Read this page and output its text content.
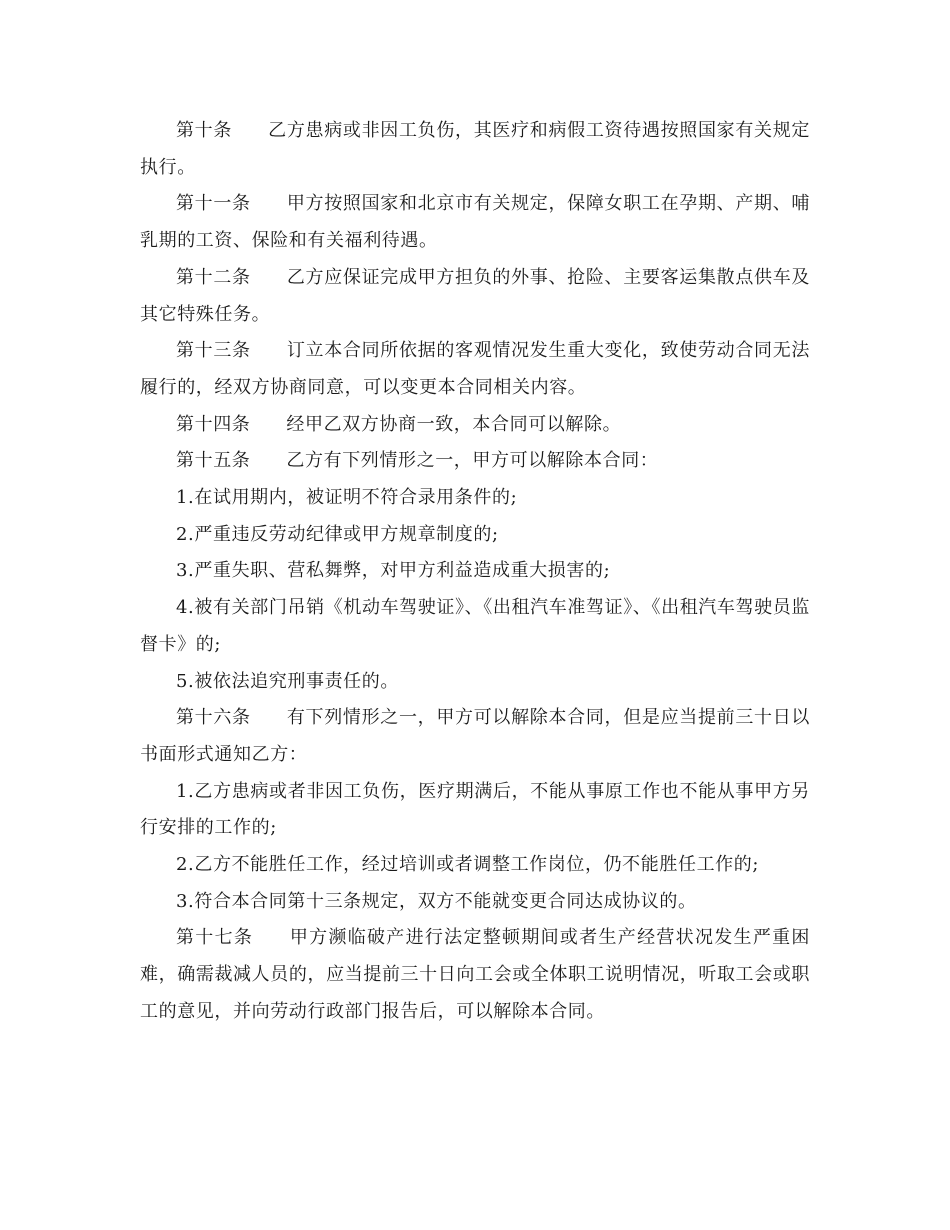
第十条 乙方患病或非因工负伤，其医疗和病假工资待遇按照国家有关规定执行。

第十一条 甲方按照国家和北京市有关规定，保障女职工在孕期、产期、哺乳期的工资、保险和有关福利待遇。

第十二条 乙方应保证完成甲方担负的外事、抢险、主要客运集散点供车及其它特殊任务。

第十三条 订立本合同所依据的客观情况发生重大变化，致使劳动合同无法履行的，经双方协商同意，可以变更本合同相关内容。

第十四条 经甲乙双方协商一致，本合同可以解除。

第十五条 乙方有下列情形之一，甲方可以解除本合同：

1.在试用期内，被证明不符合录用条件的;

2.严重违反劳动纪律或甲方规章制度的;

3.严重失职、营私舞弊，对甲方利益造成重大损害的;

4.被有关部门吊销《机动车驾驶证》、《出租汽车准驾证》、《出租汽车驾驶员监督卡》的;

5.被依法追究刑事责任的。

第十六条 有下列情形之一，甲方可以解除本合同，但是应当提前三十日以书面形式通知乙方：

1.乙方患病或者非因工负伤，医疗期满后，不能从事原工作也不能从事甲方另行安排的工作的;

2.乙方不能胜任工作，经过培训或者调整工作岗位，仍不能胜任工作的;

3.符合本合同第十三条规定，双方不能就变更合同达成协议的。

第十七条 甲方濒临破产进行法定整顿期间或者生产经营状况发生严重困难，确需裁减人员的，应当提前三十日向工会或全体职工说明情况，听取工会或职工的意见，并向劳动行政部门报告后，可以解除本合同。
